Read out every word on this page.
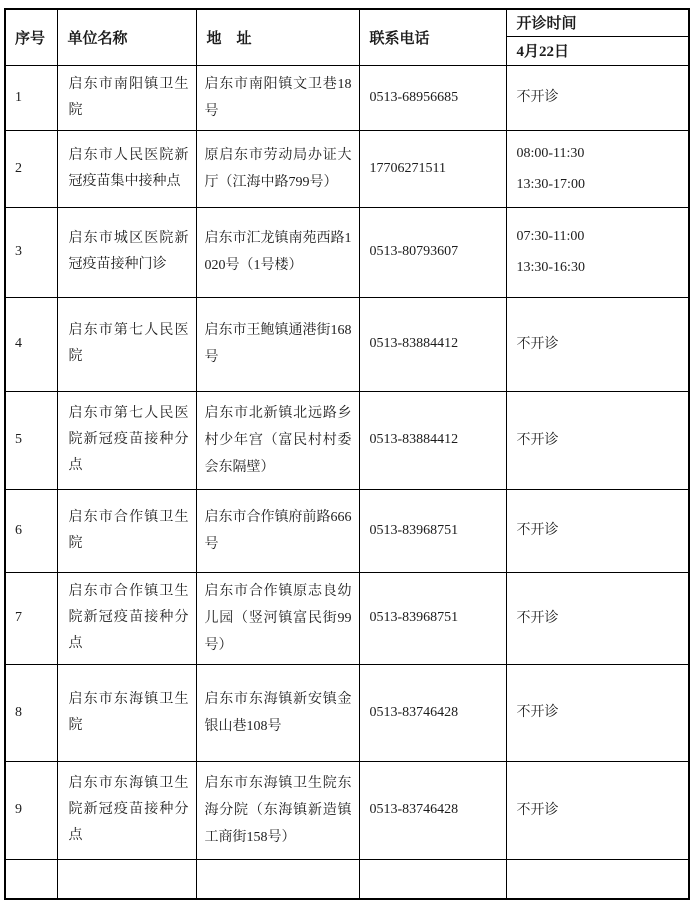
序号	单位名称	地　址	联系电话	开诊时间
				4月22日
1	启东市南阳镇卫生院	启东市南阳镇文卫巷18号	0513-68956685	不开诊

2	启东市人民医院新冠疫苗集中接种点	原启东市劳动局办证大厅（江海中路799号）	17706271511	08:00-11:30
13:30-17:00

3	启东市城区医院新冠疫苗接种门诊	启东市汇龙镇南苑西路1020号（1号楼）	0513-80793607	07:30-11:00
13:30-16:30

4	启东市第七人民医院	启东市王鲍镇通港街168号	0513-83884412	不开诊

5	启东市第七人民医院新冠疫苗接种分点	启东市北新镇北远路乡村少年宫（富民村村委会东隔壁）	0513-83884412	不开诊

6	启东市合作镇卫生院	启东市合作镇府前路666号	0513-83968751	不开诊

7	启东市合作镇卫生院新冠疫苗接种分点	启东市合作镇原志良幼儿园（竖河镇富民街99号）	0513-83968751	不开诊

8	启东市东海镇卫生院	启东市东海镇新安镇金银山巷108号	0513-83746428	不开诊

9	启东市东海镇卫生院新冠疫苗接种分点	启东市东海镇卫生院东海分院（东海镇新造镇工商街158号）	0513-83746428	不开诊
